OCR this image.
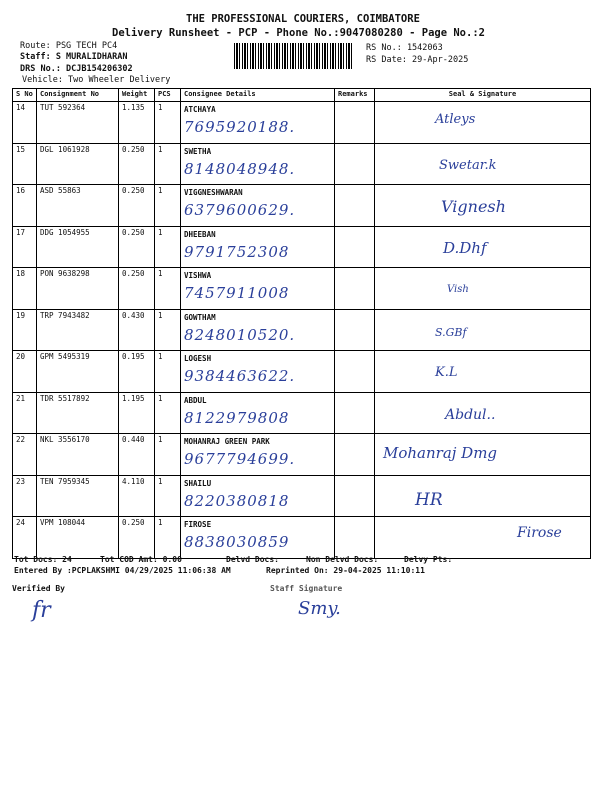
THE PROFESSIONAL COURIERS, COIMBATORE
Delivery Runsheet - PCP - Phone No.:9047080280 - Page No.:2
Route: PSG TECH PC4
Staff: S MURALIDHARAN
DRS No.: DCJB154206302
Vehicle: Two Wheeler Delivery
RS No.: 1542063
RS Date: 29-Apr-2025
S No	Consignment No	Weight	PCS	Consignee Details	Remarks	Seal & Signature
14	TUT 592364	1.135	1	ATCHAYA
7695920188.		Atleys

15	DGL 1061928	0.250	1	SWETHA
8148048948.		Swetar.k

16	ASD 55863	0.250	1	VIGGNESHWARAN
6379600629.		Vignesh

17	DDG 1054955	0.250	1	DHEEBAN
9791752308		D.Dhf

18	PON 9638298	0.250	1	VISHWA
7457911008		Vish

19	TRP 7943482	0.430	1	GOWTHAM
8248010520.		S.GBf

20	GPM 5495319	0.195	1	LOGESH
9384463622.		K.L

21	TDR 5517892	1.195	1	ABDUL
8122979808		Abdul..

22	NKL 3556170	0.440	1	MOHANRAJ GREEN PARK
9677794699.		Mohanraj Dmg

23	TEN 7959345	4.110	1	SHAILU
8220380818		HR

24	VPM 108044	0.250	1	FIROSE
8838030859		Firose
Tot Docs: 24	Tot COD Amt: 0.00	Delvd Docs:	Non Delvd Docs:	Delvy Pts:
Entered By :PCPLAKSHMI 04/29/2025 11:06:38 AM	Reprinted On: 29-04-2025 11:10:11
Verified By	Staff Signature
fr	Smy.
